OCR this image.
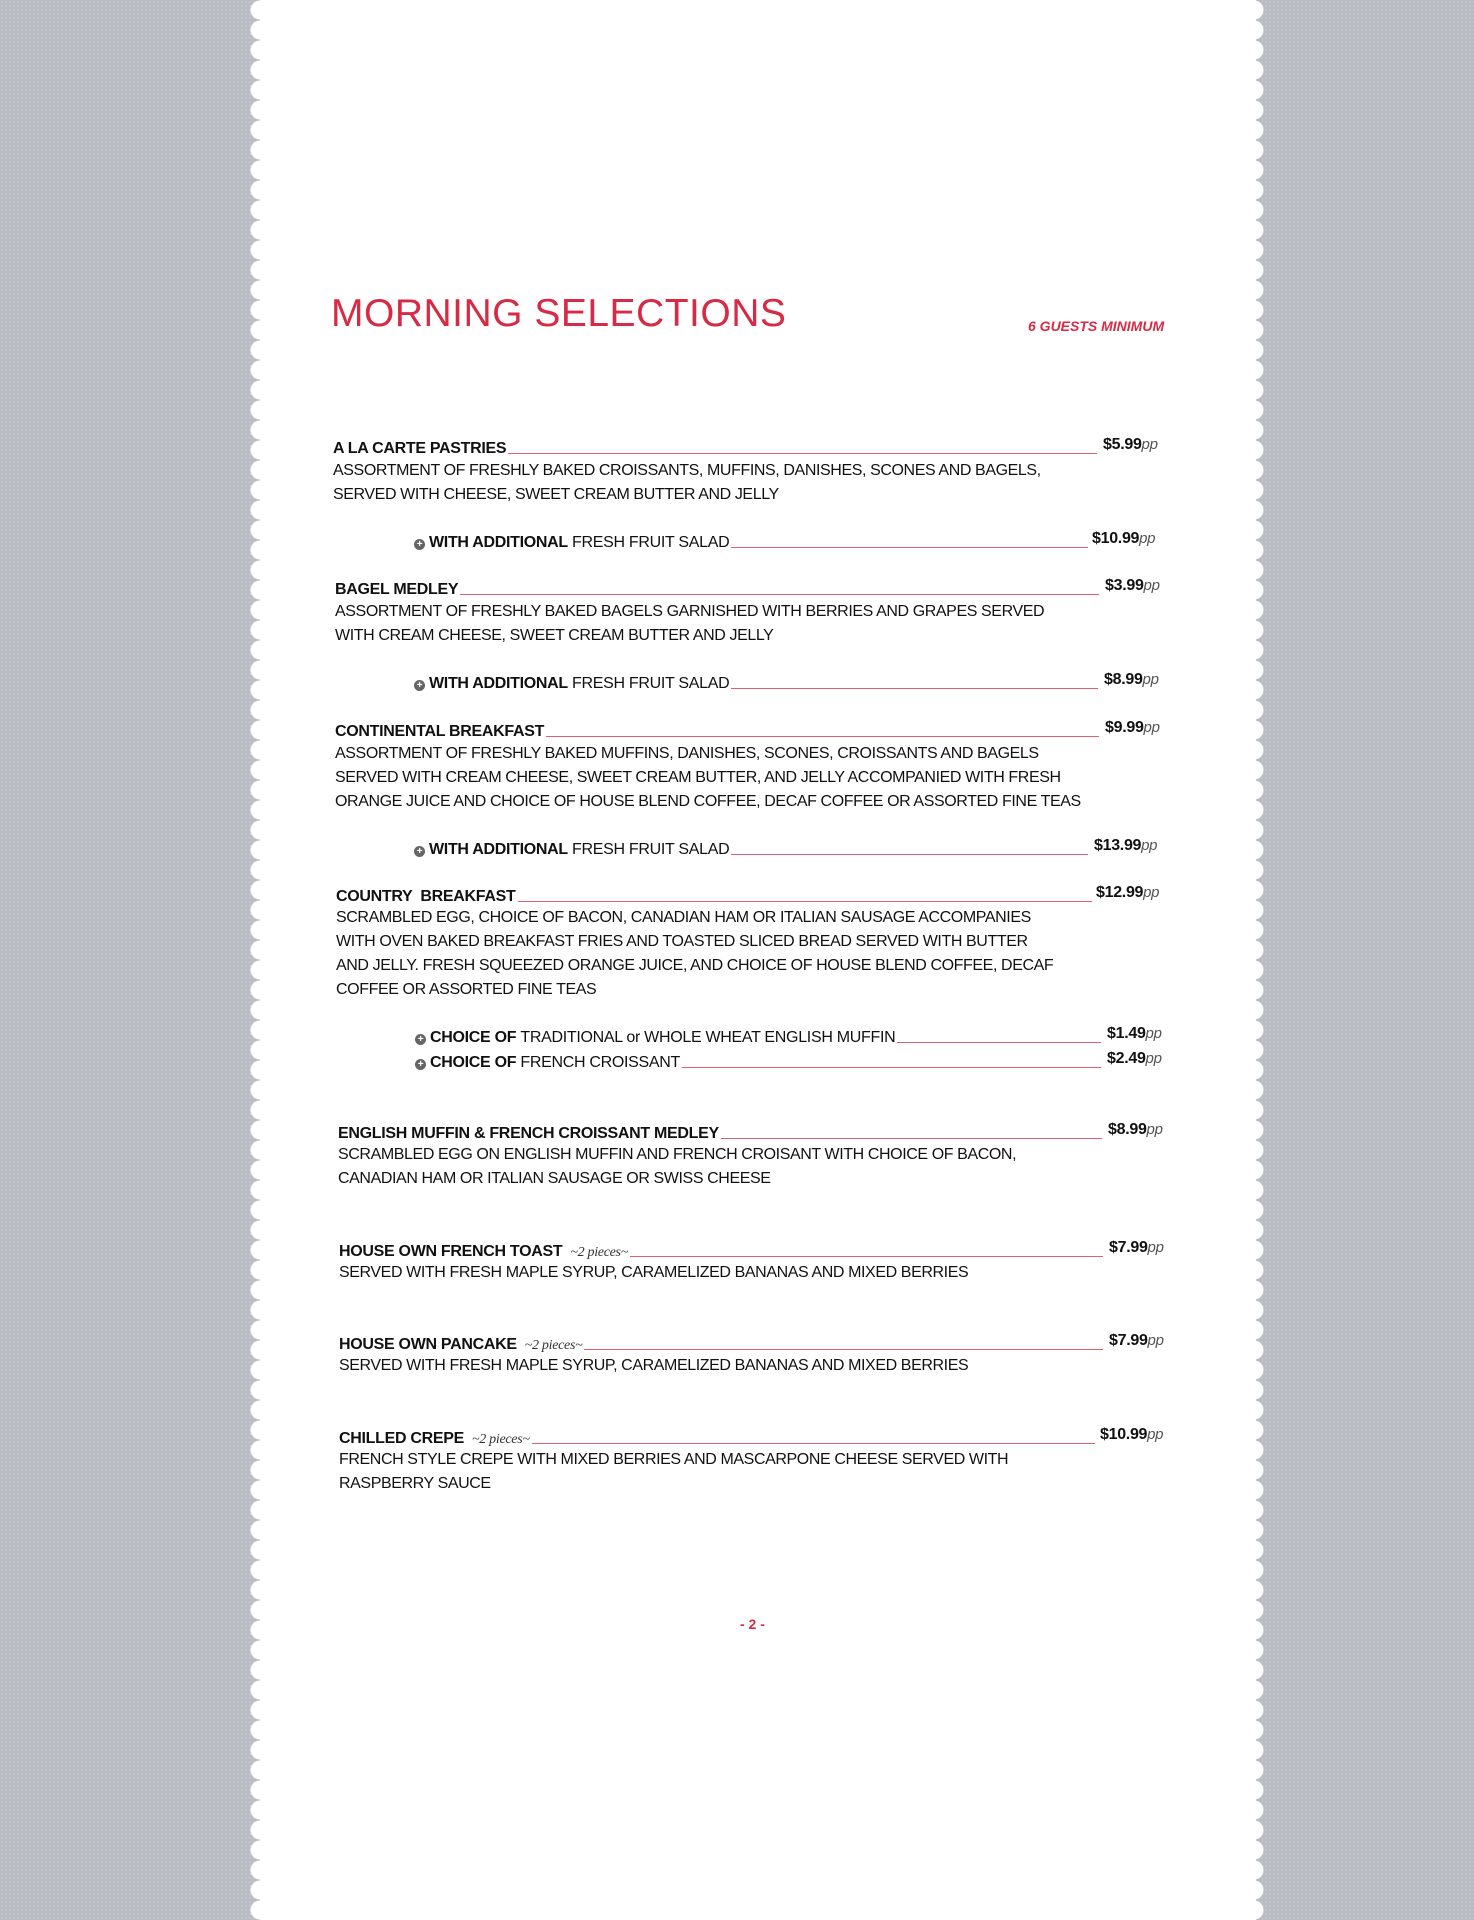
MORNING SELECTIONS	6 GUESTS MINIMUM
A LA CARTE PASTRIES	$5.99pp
ASSORTMENT OF FRESHLY BAKED CROISSANTS, MUFFINS, DANISHES, SCONES AND BAGELS,
SERVED WITH CHEESE, SWEET CREAM BUTTER AND JELLY
+ WITH ADDITIONAL
FRESH FRUIT SALAD	$10.99pp
BAGEL MEDLEY	$3.99pp
ASSORTMENT OF FRESHLY BAKED BAGELS GARNISHED WITH BERRIES AND GRAPES SERVED
WITH CREAM CHEESE, SWEET CREAM BUTTER AND JELLY
+ WITH ADDITIONAL
FRESH FRUIT SALAD	$8.99pp
CONTINENTAL BREAKFAST	$9.99pp
ASSORTMENT OF FRESHLY BAKED MUFFINS, DANISHES, SCONES, CROISSANTS AND BAGELS
SERVED WITH CREAM CHEESE, SWEET CREAM BUTTER, AND JELLY ACCOMPANIED WITH FRESH
ORANGE JUICE AND CHOICE OF HOUSE BLEND COFFEE, DECAF COFFEE OR ASSORTED FINE TEAS
+ WITH ADDITIONAL
FRESH FRUIT SALAD	$13.99pp
COUNTRY  BREAKFAST	$12.99pp
SCRAMBLED EGG, CHOICE OF BACON, CANADIAN HAM OR ITALIAN SAUSAGE ACCOMPANIES
WITH OVEN BAKED BREAKFAST FRIES AND TOASTED SLICED BREAD SERVED WITH BUTTER
AND JELLY. FRESH SQUEEZED ORANGE JUICE, AND CHOICE OF HOUSE BLEND COFFEE, DECAF
COFFEE OR ASSORTED FINE TEAS
+ CHOICE OF
TRADITIONAL or WHOLE WHEAT ENGLISH MUFFIN	$1.49pp
+ CHOICE OF
FRENCH CROISSANT	$2.49pp
ENGLISH MUFFIN & FRENCH CROISSANT MEDLEY	$8.99pp
SCRAMBLED EGG ON ENGLISH MUFFIN AND FRENCH CROISANT WITH CHOICE OF BACON,
CANADIAN HAM OR ITALIAN SAUSAGE OR SWISS CHEESE
HOUSE OWN FRENCH TOAST ~2 pieces~	$7.99pp
SERVED WITH FRESH MAPLE SYRUP, CARAMELIZED BANANAS AND MIXED BERRIES
HOUSE OWN PANCAKE ~2 pieces~	$7.99pp
SERVED WITH FRESH MAPLE SYRUP, CARAMELIZED BANANAS AND MIXED BERRIES
CHILLED CREPE ~2 pieces~	$10.99pp
FRENCH STYLE CREPE WITH MIXED BERRIES AND MASCARPONE CHEESE SERVED WITH
RASPBERRY SAUCE
- 2 -
